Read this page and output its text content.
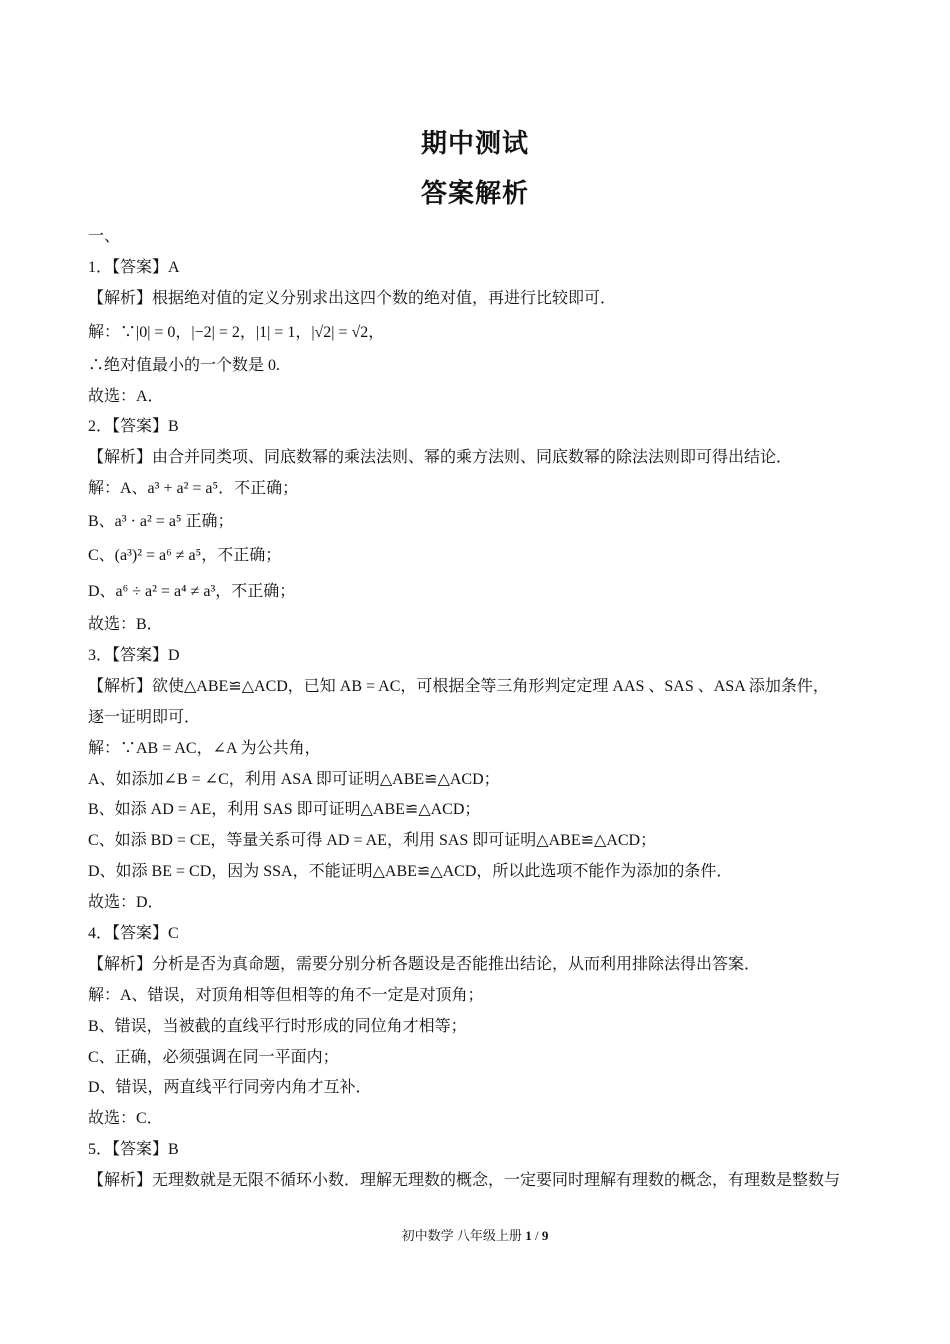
期中测试
答案解析
一、
1．【答案】A
【解析】根据绝对值的定义分别求出这四个数的绝对值，再进行比较即可．
解：∵|0| = 0，|−2| = 2，|1| = 1，|√2| = √2，
∴绝对值最小的一个数是 0.
故选：A．
2．【答案】B
【解析】由合并同类项、同底数幂的乘法法则、幂的乘方法则、同底数幂的除法法则即可得出结论．
解：A、a³ + a² = a⁵．不正确；
B、a³ · a² = a⁵ 正确；
C、(a³)² = a⁶ ≠ a⁵，不正确；
D、a⁶ ÷ a² = a⁴ ≠ a³，不正确；
故选：B．
3．【答案】D
【解析】欲使△ABE≌△ACD，已知 AB = AC，可根据全等三角形判定定理 AAS 、SAS 、ASA 添加条件，
逐一证明即可．
解：∵AB = AC，∠A 为公共角，
A、如添加∠B = ∠C，利用 ASA 即可证明△ABE≌△ACD；
B、如添 AD = AE，利用 SAS 即可证明△ABE≌△ACD；
C、如添 BD = CE，等量关系可得 AD = AE，利用 SAS 即可证明△ABE≌△ACD；
D、如添 BE = CD，因为 SSA，不能证明△ABE≌△ACD，所以此选项不能作为添加的条件．
故选：D．
4．【答案】C
【解析】分析是否为真命题，需要分别分析各题设是否能推出结论，从而利用排除法得出答案．
解：A、错误，对顶角相等但相等的角不一定是对顶角；
B、错误，当被截的直线平行时形成的同位角才相等；
C、正确，必须强调在同一平面内；
D、错误，两直线平行同旁内角才互补．
故选：C．
5．【答案】B
【解析】无理数就是无限不循环小数．理解无理数的概念，一定要同时理解有理数的概念，有理数是整数与
初中数学 八年级上册 1 / 9
